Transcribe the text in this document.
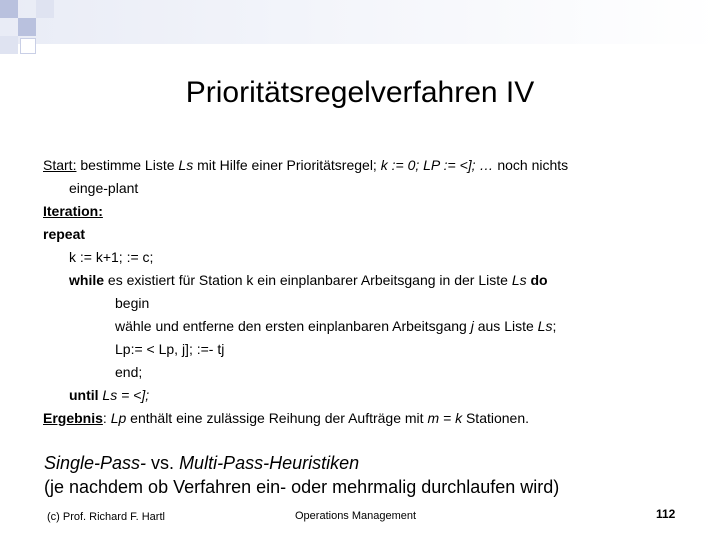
Prioritätsregelverfahren IV
Start: bestimme Liste Ls mit Hilfe einer Prioritätsregel; k := 0; LP := <]; … noch nichts
einge-plant
Iteration:
repeat
k := k+1; := c;
while es existiert für Station k ein einplanbarer Arbeitsgang in der Liste Ls do
begin
wähle und entferne den ersten einplanbaren Arbeitsgang j aus Liste Ls;
Lp:= < Lp, j]; :=- tj
end;
until Ls = <];
Ergebnis: Lp enthält eine zulässige Reihung der Aufträge mit m = k Stationen.
Single-Pass- vs. Multi-Pass-Heuristiken
(je nachdem ob Verfahren ein- oder mehrmalig durchlaufen wird)
(c) Prof. Richard F. Hartl	Operations Management	112
